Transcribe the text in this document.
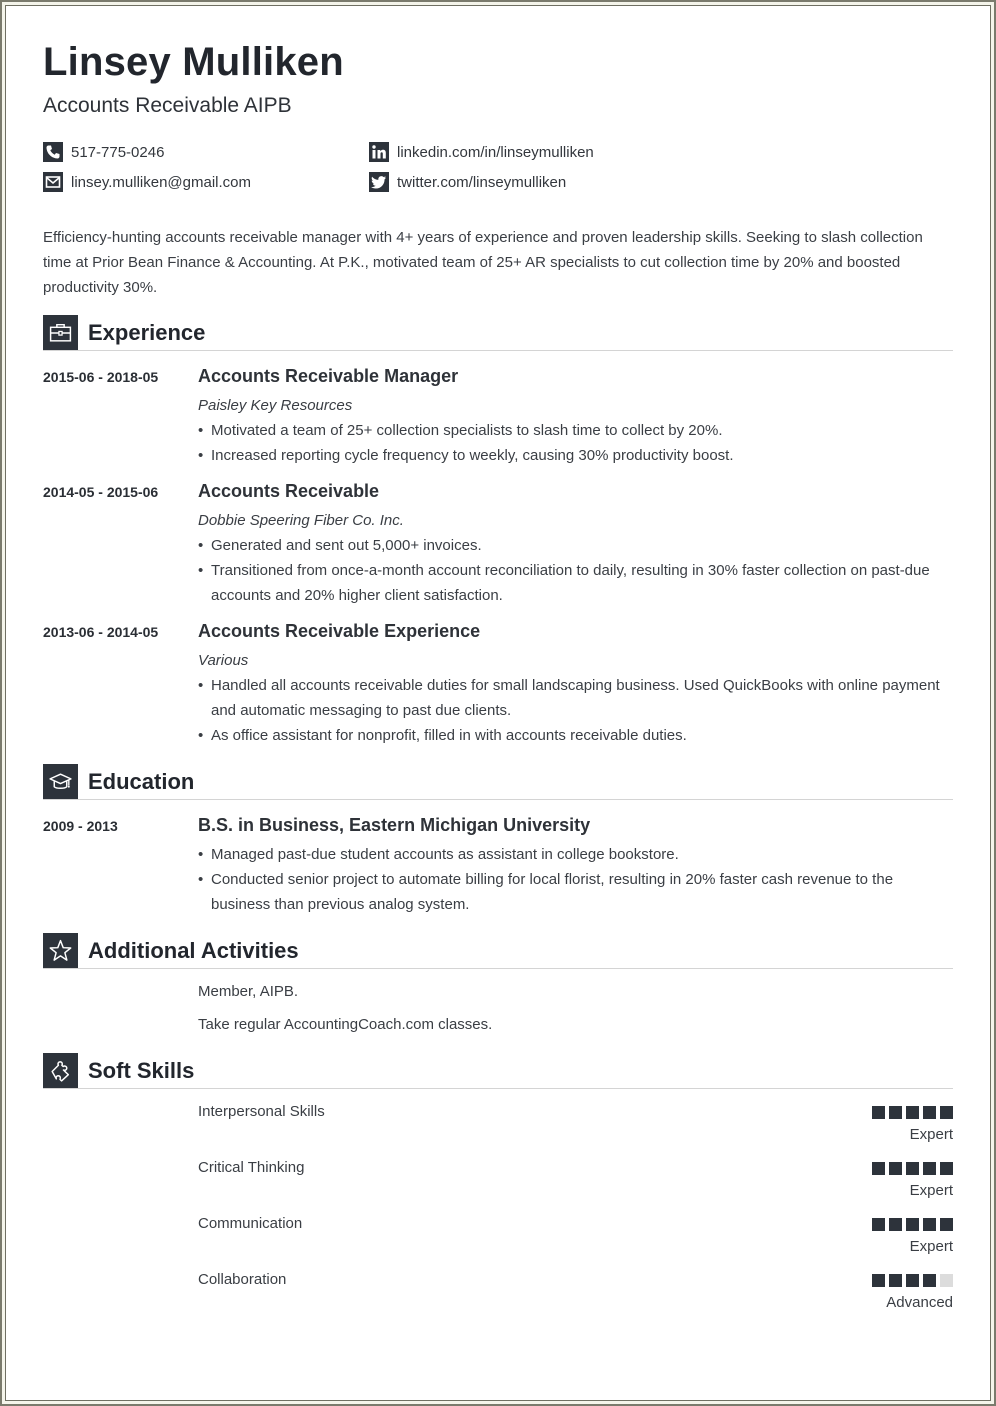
Linsey Mulliken
Accounts Receivable AIPB
517-775-0246
linsey.mulliken@gmail.com
linkedin.com/in/linseymulliken
twitter.com/linseymulliken

Efficiency-hunting accounts receivable manager with 4+ years of experience and proven leadership skills. Seeking to slash collection time at Prior Bean Finance & Accounting. At P.K., motivated team of 25+ AR specialists to cut collection time by 20% and boosted productivity 30%.

Experience
2015-06 - 2018-05 Accounts Receivable Manager
Paisley Key Resources
• Motivated a team of 25+ collection specialists to slash time to collect by 20%.
• Increased reporting cycle frequency to weekly, causing 30% productivity boost.
2014-05 - 2015-06 Accounts Receivable
Dobbie Speering Fiber Co. Inc.
• Generated and sent out 5,000+ invoices.
• Transitioned from once-a-month account reconciliation to daily, resulting in 30% faster collection on past-due accounts and 20% higher client satisfaction.
2013-06 - 2014-05 Accounts Receivable Experience
Various
• Handled all accounts receivable duties for small landscaping business. Used QuickBooks with online payment and automatic messaging to past due clients.
• As office assistant for nonprofit, filled in with accounts receivable duties.
Education
2009 - 2013	B.S. in Business, Eastern Michigan University
• Managed past-due student accounts as assistant in college bookstore.
• Conducted senior project to automate billing for local florist, resulting in 20% faster cash revenue to the business than previous analog system.
Additional Activities
Member, AIPB.
Take regular AccountingCoach.com classes.
Soft Skills
Interpersonal Skills
Expert
Critical Thinking
Expert
Communication
Expert
Collaboration
Advanced
